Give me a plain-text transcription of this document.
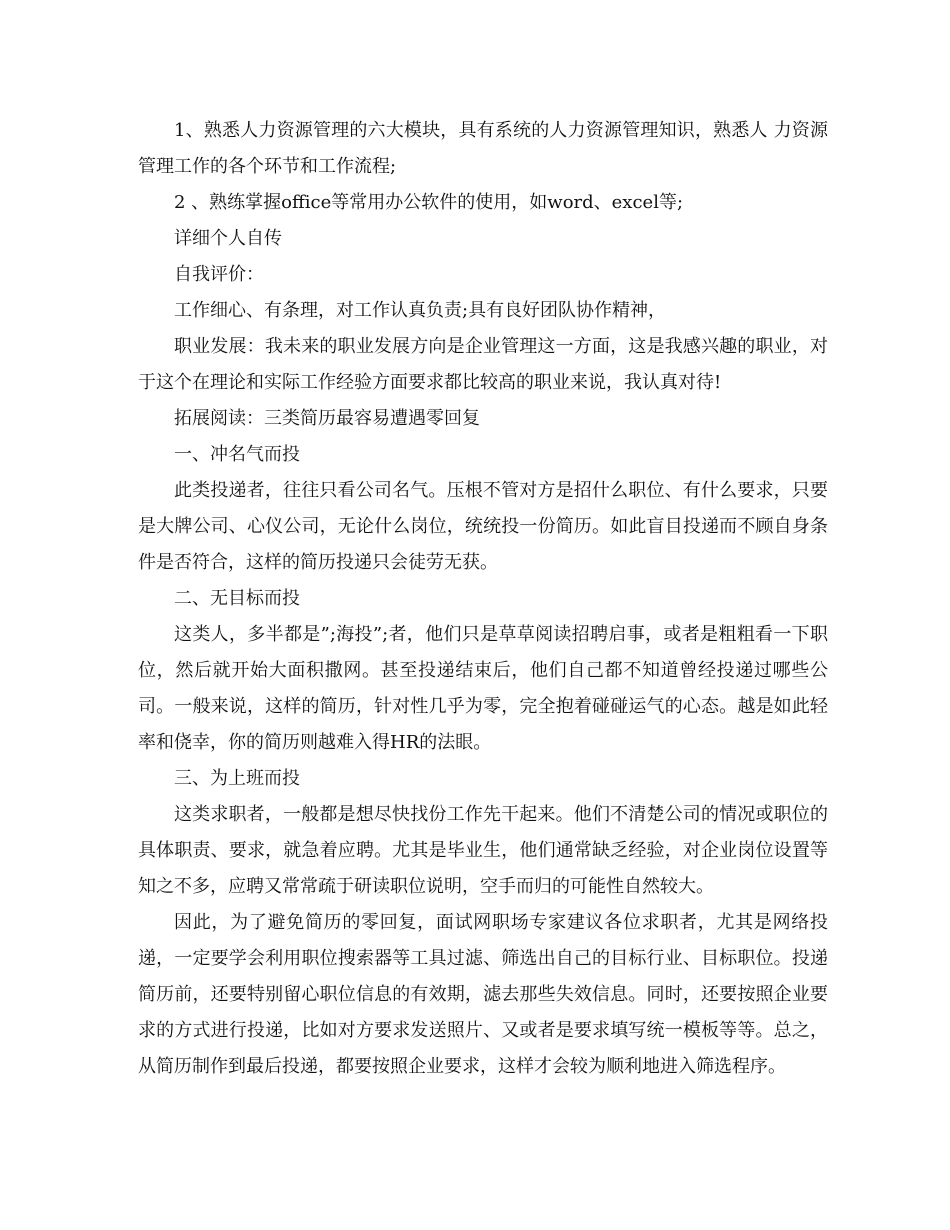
1、熟悉人力资源管理的六大模块，具有系统的人力资源管理知识，熟悉人 力资源管理工作的各个环节和工作流程;

2 、熟练掌握office等常用办公软件的使用，如word、excel等;

详细个人自传

自我评价：

工作细心、有条理，对工作认真负责;具有良好团队协作精神，

职业发展：我未来的职业发展方向是企业管理这一方面，这是我感兴趣的职业，对于这个在理论和实际工作经验方面要求都比较高的职业来说，我认真对待!

拓展阅读：三类简历最容易遭遇零回复

一、冲名气而投

此类投递者，往往只看公司名气。压根不管对方是招什么职位、有什么要求，只要是大牌公司、心仪公司，无论什么岗位，统统投一份简历。如此盲目投递而不顾自身条件是否符合，这样的简历投递只会徒劳无获。

二、无目标而投

这类人，多半都是”;海投”;者，他们只是草草阅读招聘启事，或者是粗粗看一下职位，然后就开始大面积撒网。甚至投递结束后，他们自己都不知道曾经投递过哪些公司。一般来说，这样的简历，针对性几乎为零，完全抱着碰碰运气的心态。越是如此轻率和侥幸，你的简历则越难入得HR的法眼。

三、为上班而投

这类求职者，一般都是想尽快找份工作先干起来。他们不清楚公司的情况或职位的具体职责、要求，就急着应聘。尤其是毕业生，他们通常缺乏经验，对企业岗位设置等知之不多，应聘又常常疏于研读职位说明，空手而归的可能性自然较大。

因此，为了避免简历的零回复，面试网职场专家建议各位求职者，尤其是网络投递，一定要学会利用职位搜索器等工具过滤、筛选出自己的目标行业、目标职位。投递简历前，还要特别留心职位信息的有效期，滤去那些失效信息。同时，还要按照企业要求的方式进行投递，比如对方要求发送照片、又或者是要求填写统一模板等等。总之，从简历制作到最后投递，都要按照企业要求，这样才会较为顺利地进入筛选程序。
